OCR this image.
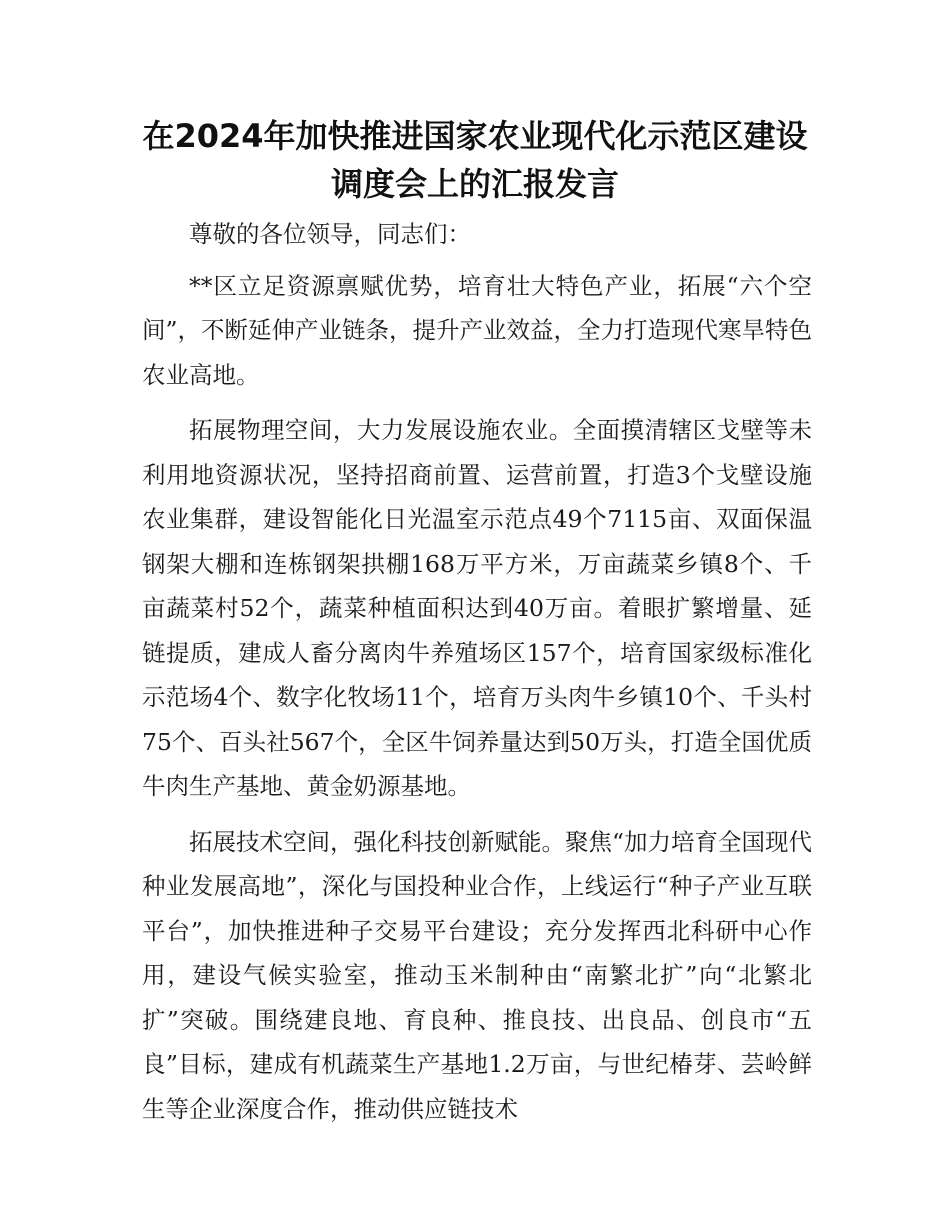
在2024年加快推进国家农业现代化示范区建设
调度会上的汇报发言

尊敬的各位领导，同志们：

**区立足资源禀赋优势，培育壮大特色产业，拓展“六个空间”，不断延伸产业链条，提升产业效益，全力打造现代寒旱特色农业高地。

拓展物理空间，大力发展设施农业。全面摸清辖区戈壁等未利用地资源状况，坚持招商前置、运营前置，打造3个戈壁设施农业集群，建设智能化日光温室示范点49个7115亩、双面保温钢架大棚和连栋钢架拱棚168万平方米，万亩蔬菜乡镇8个、千亩蔬菜村52个，蔬菜种植面积达到40万亩。着眼扩繁增量、延链提质，建成人畜分离肉牛养殖场区157个，培育国家级标准化示范场4个、数字化牧场11个，培育万头肉牛乡镇10个、千头村75个、百头社567个，全区牛饲养量达到50万头，打造全国优质牛肉生产基地、黄金奶源基地。

拓展技术空间，强化科技创新赋能。聚焦“加力培育全国现代种业发展高地”，深化与国投种业合作，上线运行“种子产业互联平台”，加快推进种子交易平台建设；充分发挥西北科研中心作用，建设气候实验室，推动玉米制种由“南繁北扩”向“北繁北扩”突破。围绕建良地、育良种、推良技、出良品、创良市“五良”目标，建成有机蔬菜生产基地1.2万亩，与世纪椿芽、芸岭鲜生等企业深度合作，推动供应链技术
